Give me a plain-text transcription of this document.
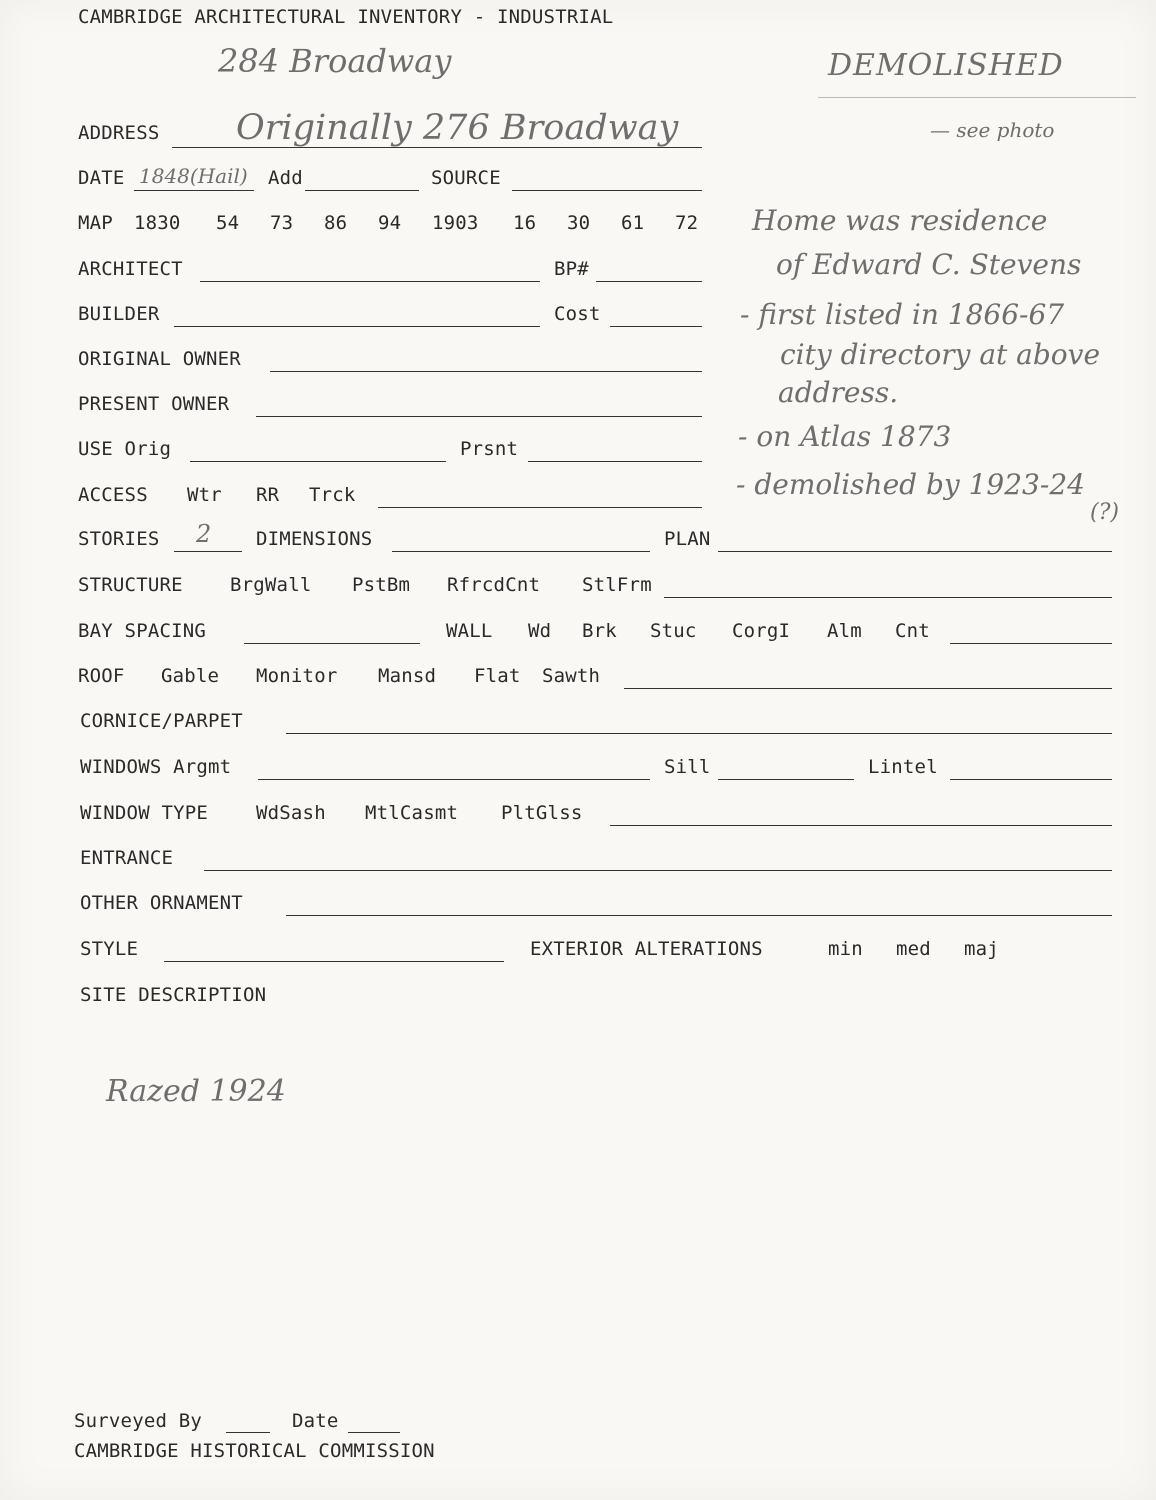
CAMBRIDGE ARCHITECTURAL INVENTORY - INDUSTRIAL
284 Broadway	DEMOLISHED
ADDRESS Originally 276 Broadway	— see photo
DATE 1848(Hail) Add	SOURCE
MAP 1830 54 73 86 94 1903 16 30 61 72 Home was residence
of Edward C. Stevens
- first listed in 1866-67
city directory at above
address.
- on Atlas 1873
- demolished by 1923-24
(?)
ARCHITECT	BP#
BUILDER	Cost
ORIGINAL OWNER
PRESENT OWNER
USE Orig	Prsnt
ACCESS Wtr RR Trck
STORIES 2 DIMENSIONS	PLAN
STRUCTURE BrgWall PstBm RfrcdCnt StlFrm
BAY SPACING	WALL Wd Brk Stuc CorgI Alm Cnt
ROOF Gable Monitor Mansd Flat Sawth
CORNICE/PARPET
WINDOWS Argmt	Sill	Lintel
WINDOW TYPE	WdSash MtlCasmt PltGlss
ENTRANCE
OTHER ORNAMENT
STYLE	EXTERIOR ALTERATIONS	min med maj
SITE DESCRIPTION
Razed 1924
Surveyed By	Date
CAMBRIDGE HISTORICAL COMMISSION
